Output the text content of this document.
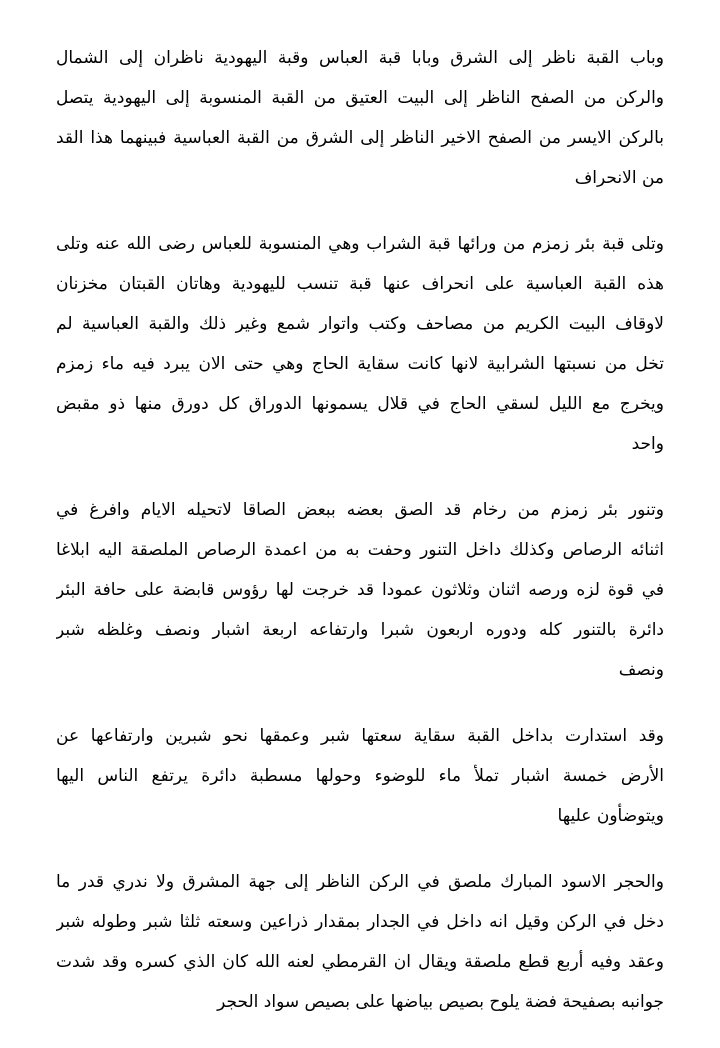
وباب القبة ناظر إلى الشرق وبابا قبة العباس وقبة اليهودية ناظران إلى الشمال
والركن من الصفح الناظر إلى البيت العتيق من القبة المنسوبة إلى اليهودية يتصل
بالركن الايسر من الصفح الاخير الناظر إلى الشرق من القبة العباسية فبينهما هذا القد
من الانحراف
وتلى قبة بئر زمزم من ورائها قبة الشراب وهي المنسوبة للعباس رضى الله عنه وتلى
هذه القبة العباسية على انحراف عنها قبة تنسب لليهودية وهاتان القبتان مخزنان
لاوقاف البيت الكريم من مصاحف وكتب واتوار شمع وغير ذلك والقبة العباسية لم
تخل من نسبتها الشرابية لانها كانت سقاية الحاج وهي حتى الان يبرد فيه ماء زمزم
ويخرج مع الليل لسقي الحاج في قلال يسمونها الدوراق كل دورق منها ذو مقبض
واحد
وتنور بئر زمزم من رخام قد الصق بعضه ببعض الصاقا لاتحيله الايام وافرغ في
اثنائه الرصاص وكذلك داخل التنور وحفت به من اعمدة الرصاص الملصقة اليه ابلاغا
في قوة لزه ورصه اثنان وثلاثون عمودا قد خرجت لها رؤوس قابضة على حافة البئر
دائرة بالتنور كله ودوره اربعون شبرا وارتفاعه اربعة اشبار ونصف وغلظه شبر
ونصف
وقد استدارت بداخل القبة سقاية سعتها شبر وعمقها نحو شبرين وارتفاعها عن
الأرض خمسة اشبار تملأ ماء للوضوء وحولها مسطبة دائرة يرتفع الناس اليها
ويتوضأون عليها
والحجر الاسود المبارك ملصق في الركن الناظر إلى جهة المشرق ولا ندري قدر ما
دخل في الركن وقيل انه داخل في الجدار بمقدار ذراعين وسعته ثلثا شبر وطوله شبر
وعقد وفيه أربع قطع ملصقة ويقال ان القرمطي لعنه الله كان الذي كسره وقد شدت
جوانبه بصفيحة فضة يلوح بصيص بياضها على بصيص سواد الحجر
